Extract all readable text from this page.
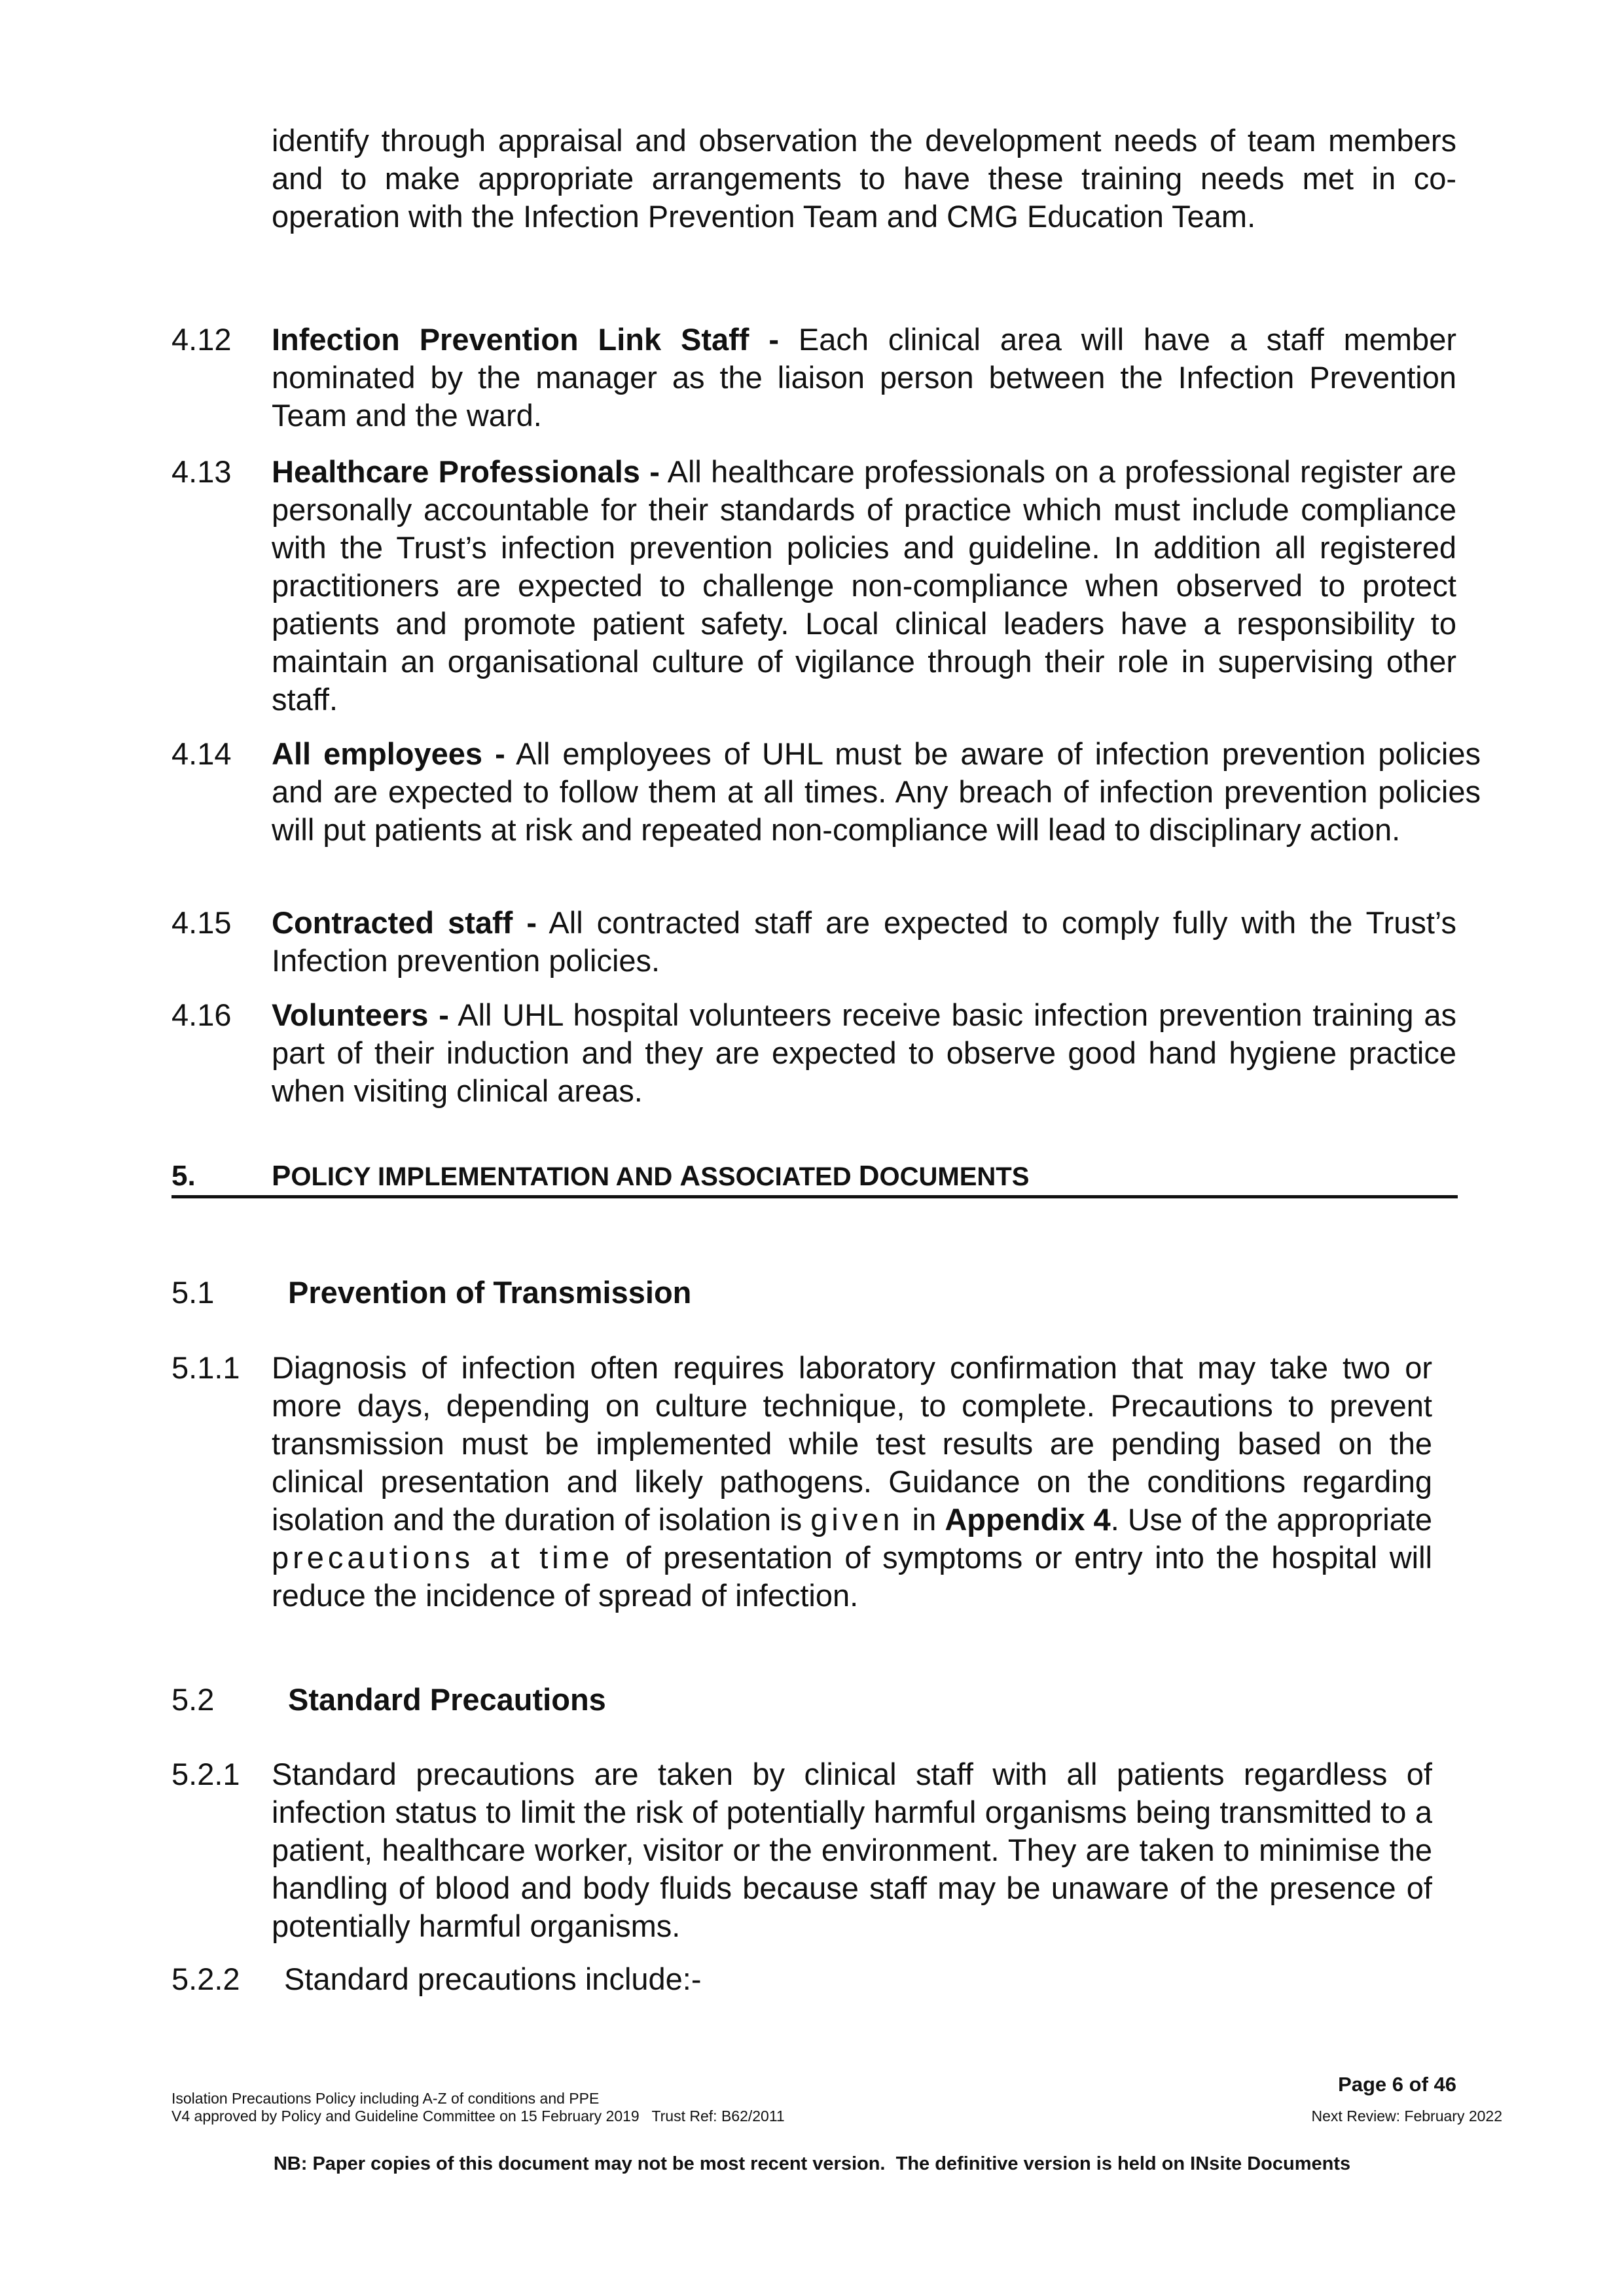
identify through appraisal and observation the development needs of team members and to make appropriate arrangements to have these training needs met in co-operation with the Infection Prevention Team and CMG Education Team.

4.12	Infection Prevention Link Staff - Each clinical area will have a staff member nominated by the manager as the liaison person between the Infection Prevention Team and the ward.
4.13	Healthcare Professionals - All healthcare professionals on a professional register are personally accountable for their standards of practice which must include compliance with the Trust’s infection prevention policies and guideline. In addition all registered practitioners are expected to challenge non-compliance when observed to protect patients and promote patient safety. Local clinical leaders have a responsibility to maintain an organisational culture of vigilance through their role in supervising other staff.
4.14	All employees - All employees of UHL must be aware of infection prevention policies and are expected to follow them at all times. Any breach of infection prevention policies will put patients at risk and repeated non-compliance will lead to disciplinary action.
4.15	Contracted staff - All contracted staff are expected to comply fully with the Trust’s Infection prevention policies.
4.16	Volunteers - All UHL hospital volunteers receive basic infection prevention training as part of their induction and they are expected to observe good hand hygiene practice when visiting clinical areas.
5.	POLICY IMPLEMENTATION AND ASSOCIATED DOCUMENTS
5.1	Prevention of Transmission
5.1.1	Diagnosis of infection often requires laboratory confirmation that may take two or more days, depending on culture technique, to complete. Precautions to prevent transmission must be implemented while test results are pending based on the clinical presentation and likely pathogens. Guidance on the conditions regarding isolation and the duration of isolation is given in Appendix 4. Use of the appropriate precautions at time of presentation of symptoms or entry into the hospital will reduce the incidence of spread of infection.
5.2	Standard Precautions
5.2.1	Standard precautions are taken by clinical staff with all patients regardless of infection status to limit the risk of potentially harmful organisms being transmitted to a patient, healthcare worker, visitor or the environment. They are taken to minimise the handling of blood and body fluids because staff may be unaware of the presence of potentially harmful organisms.
5.2.2	Standard precautions include:-
Page 6 of 46
Isolation Precautions Policy including A-Z of conditions and PPE
V4 approved by Policy and Guideline Committee on 15 February 2019   Trust Ref: B62/2011	Next Review: February 2022
NB: Paper copies of this document may not be most recent version.  The definitive version is held on INsite Documents
